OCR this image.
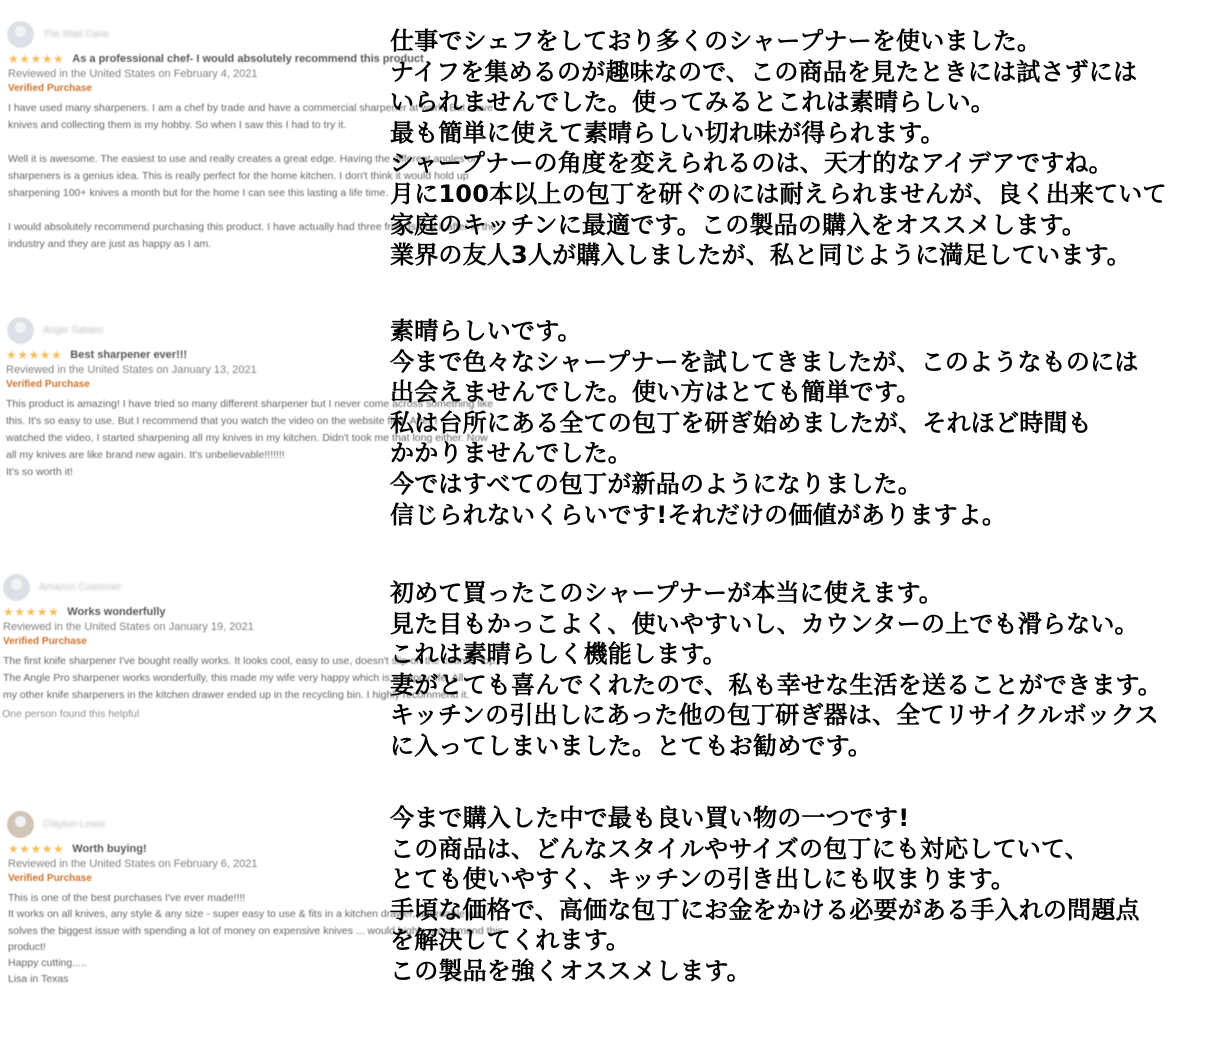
The Mad Cane
★★★★★ As a professional chef- I would absolutely recommend this product
Reviewed in the United States on February 4, 2021
Verified Purchase
I have used many sharpeners. I am a chef by trade and have a commercial sharpener at work. But I love
knives and collecting them is my hobby. So when I saw this I had to try it.

Well it is awesome. The easiest to use and really creates a great edge. Having the different angles on
sharpeners is a genius idea. This is really perfect for the home kitchen. I don't think it would hold up
sharpening 100+ knives a month but for the home I can see this lasting a life time.

I would absolutely recommend purchasing this product. I have actually had three friends buy it after in the
industry and they are just as happy as I am.
仕事でシェフをしており多くのシャープナーを使いました。
ナイフを集めるのが趣味なので、この商品を見たときには試さずには
いられませんでした。使ってみるとこれは素晴らしい。
最も簡単に使えて素晴らしい切れ味が得られます。
シャープナーの角度を変えられるのは、天才的なアイデアですね。
月に100本以上の包丁を研ぐのには耐えられませんが、良く出来ていて
家庭のキッチンに最適です。この製品の購入をオススメします。
業界の友人3人が購入しましたが、私と同じように満足しています。
Angie Sabaro
★★★★★ Best sharpener ever!!!
Reviewed in the United States on January 13, 2021
Verified Purchase
This product is amazing! I have tried so many different sharpener but I never come across something like
this. It's so easy to use. But I recommend that you watch the video on the website first. After I
watched the video, I started sharpening all my knives in my kitchen. Didn't took me that long either. Now
all my knives are like brand new again. It's unbelievable!!!!!!!
It's so worth it!
素晴らしいです。
今まで色々なシャープナーを試してきましたが、このようなものには
出会えませんでした。使い方はとても簡単です。
私は台所にある全ての包丁を研ぎ始めましたが、それほど時間も
かかりませんでした。
今ではすべての包丁が新品のようになりました。
信じられないくらいです!それだけの価値がありますよ。
Amazon Customer
★★★★★ Works wonderfully
Reviewed in the United States on January 19, 2021
Verified Purchase
The first knife sharpener I've bought really works. It looks cool, easy to use, doesn't slip on the counter top.
The Angle Pro sharpener works wonderfully, this made my wife very happy which is a happy life. All
my other knife sharpeners in the kitchen drawer ended up in the recycling bin. I highly recommend it.
One person found this helpful
初めて買ったこのシャープナーが本当に使えます。
見た目もかっこよく、使いやすいし、カウンターの上でも滑らない。
これは素晴らしく機能します。
妻がとても喜んでくれたので、私も幸せな生活を送ることができます。
キッチンの引出しにあった他の包丁研ぎ器は、全てリサイクルボックス
に入ってしまいました。とてもお勧めです。
Clayton Lewis
★★★★★ Worth buying!
Reviewed in the United States on February 6, 2021
Verified Purchase
This is one of the best purchases I've ever made!!!!
It works on all knives, any style & any size - super easy to use & fits in a kitchen drawer, affordable and
solves the biggest issue with spending a lot of money on expensive knives ... would highly recommend this
product!
Happy cutting.....
Lisa in Texas
今まで購入した中で最も良い買い物の一つです!
この商品は、どんなスタイルやサイズの包丁にも対応していて、
とても使いやすく、キッチンの引き出しにも収まります。
手頃な価格で、高価な包丁にお金をかける必要がある手入れの問題点
を解決してくれます。
この製品を強くオススメします。
